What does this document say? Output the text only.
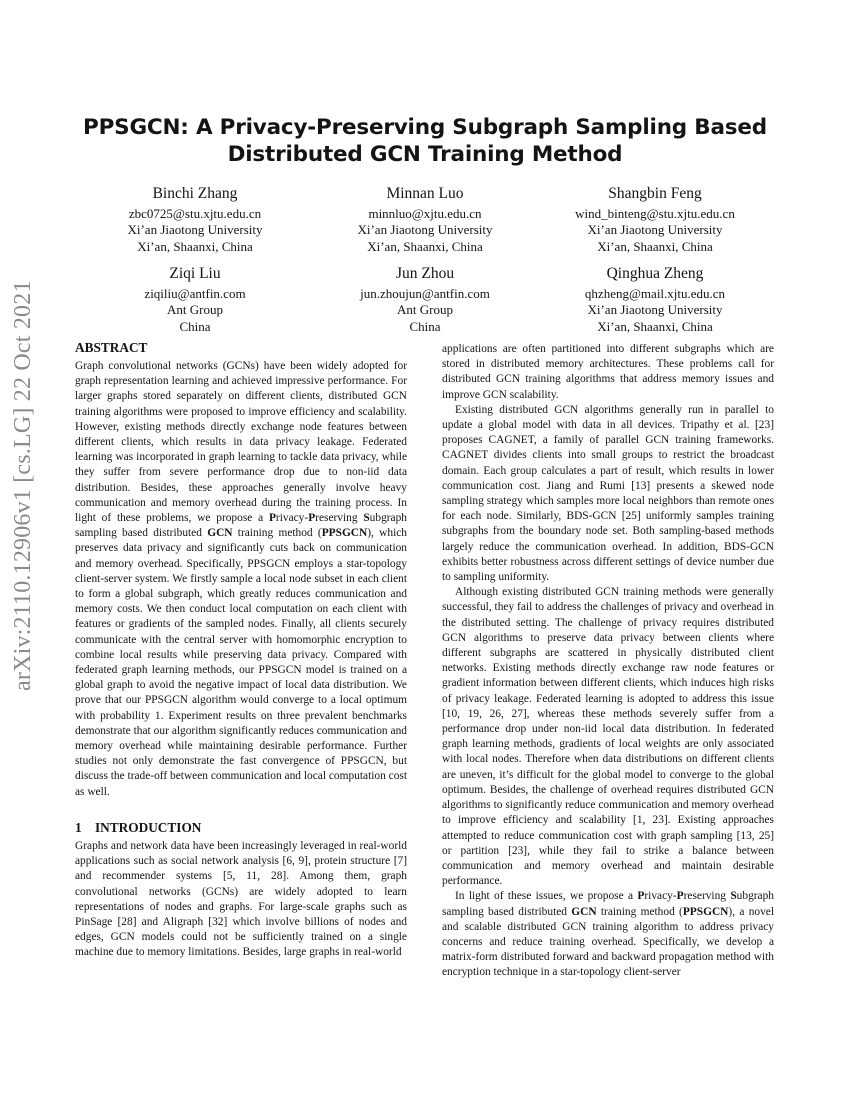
PPSGCN: A Privacy-Preserving Subgraph Sampling Based
Distributed GCN Training Method
Binchi Zhang
zbc0725@stu.xjtu.edu.cn
Xi’an Jiaotong University
Xi’an, Shaanxi, China
Minnan Luo
minnluo@xjtu.edu.cn
Xi’an Jiaotong University
Xi’an, Shaanxi, China
Shangbin Feng
wind_binteng@stu.xjtu.edu.cn
Xi’an Jiaotong University
Xi’an, Shaanxi, China
Ziqi Liu
ziqiliu@antfin.com
Ant Group
China
Jun Zhou
jun.zhoujun@antfin.com
Ant Group
China
Qinghua Zheng
qhzheng@mail.xjtu.edu.cn
Xi’an Jiaotong University
Xi’an, Shaanxi, China
arXiv:2110.12906v1 [cs.LG] 22 Oct 2021	ABSTRACT

Graph convolutional networks (GCNs) have been widely adopted for graph representation learning and achieved impressive performance. For larger graphs stored separately on different clients, distributed GCN training algorithms were proposed to improve efficiency and scalability. However, existing methods directly exchange node features between different clients, which results in data privacy leakage. Federated learning was incorporated in graph learning to tackle data privacy, while they suffer from severe performance drop due to non-iid data distribution. Besides, these approaches generally involve heavy communication and memory overhead during the training process. In light of these problems, we propose a Privacy-Preserving Subgraph sampling based distributed GCN training method (PPSGCN), which preserves data privacy and significantly cuts back on communication and memory overhead. Specifically, PPSGCN employs a star-topology client-server system. We firstly sample a local node subset in each client to form a global subgraph, which greatly reduces communication and memory costs. We then conduct local computation on each client with features or gradients of the sampled nodes. Finally, all clients securely communicate with the central server with homomorphic encryption to combine local results while preserving data privacy. Compared with federated graph learning methods, our PPSGCN model is trained on a global graph to avoid the negative impact of local data distribution. We prove that our PPSGCN algorithm would converge to a local optimum with probability 1. Experiment results on three prevalent benchmarks demonstrate that our algorithm significantly reduces communication and memory overhead while maintaining desirable performance. Further studies not only demonstrate the fast convergence of PPSGCN, but discuss the trade-off between communication and local computation cost as well.

1 INTRODUCTION

Graphs and network data have been increasingly leveraged in real-world applications such as social network analysis [6, 9], protein structure [7] and recommender systems [5, 11, 28]. Among them, graph convolutional networks (GCNs) are widely adopted to learn representations of nodes and graphs. For large-scale graphs such as PinSage [28] and Aligraph [32] which involve billions of nodes and edges, GCN models could not be sufficiently trained on a single machine due to memory limitations. Besides, large graphs in real-world

applications are often partitioned into different subgraphs which are stored in distributed memory architectures. These problems call for distributed GCN training algorithms that address memory issues and improve GCN scalability.

Existing distributed GCN algorithms generally run in parallel to update a global model with data in all devices. Tripathy et al. [23] proposes CAGNET, a family of parallel GCN training frameworks. CAGNET divides clients into small groups to restrict the broadcast domain. Each group calculates a part of result, which results in lower communication cost. Jiang and Rumi [13] presents a skewed node sampling strategy which samples more local neighbors than remote ones for each node. Similarly, BDS-GCN [25] uniformly samples training subgraphs from the boundary node set. Both sampling-based methods largely reduce the communication overhead. In addition, BDS-GCN exhibits better robustness across different settings of device number due to sampling uniformity.

Although existing distributed GCN training methods were generally successful, they fail to address the challenges of privacy and overhead in the distributed setting. The challenge of privacy requires distributed GCN algorithms to preserve data privacy between clients where different subgraphs are scattered in physically distributed client networks. Existing methods directly exchange raw node features or gradient information between different clients, which induces high risks of privacy leakage. Federated learning is adopted to address this issue [10, 19, 26, 27], whereas these methods severely suffer from a performance drop under non-iid local data distribution. In federated graph learning methods, gradients of local weights are only associated with local nodes. Therefore when data distributions on different clients are uneven, it’s difficult for the global model to converge to the global optimum. Besides, the challenge of overhead requires distributed GCN algorithms to significantly reduce communication and memory overhead to improve efficiency and scalability [1, 23]. Existing approaches attempted to reduce communication cost with graph sampling [13, 25] or partition [23], while they fail to strike a balance between communication and memory overhead and maintain desirable performance.

In light of these issues, we propose a Privacy-Preserving Subgraph sampling based distributed GCN training method (PPSGCN), a novel and scalable distributed GCN training algorithm to address privacy concerns and reduce training overhead. Specifically, we develop a matrix-form distributed forward and backward propagation method with encryption technique in a star-topology client-server
